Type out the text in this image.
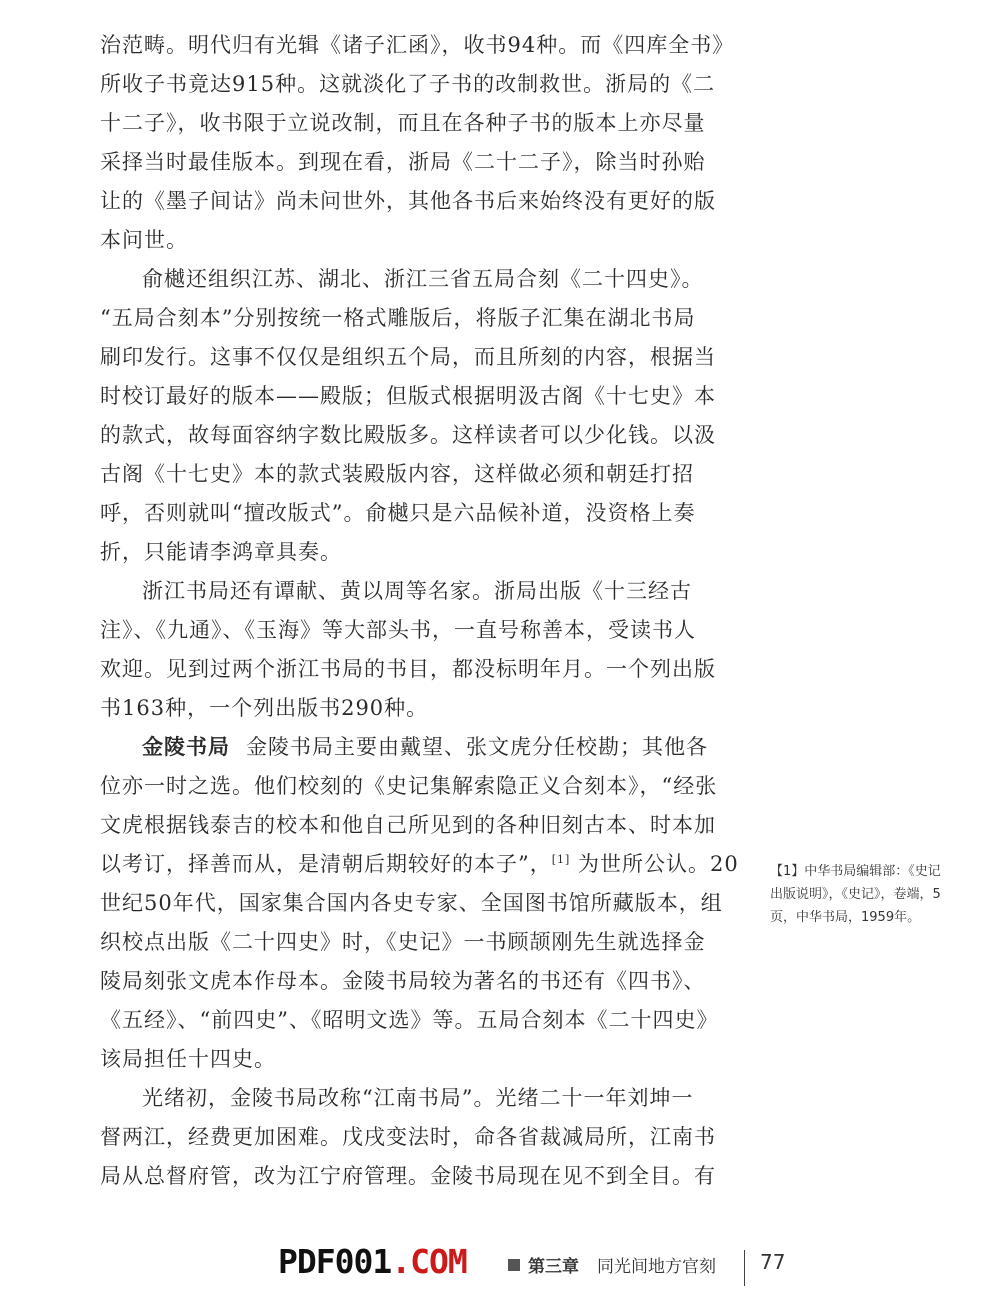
治范畴。明代归有光辑《诸子汇函》，收书94种。而《四库全书》
所收子书竟达915种。这就淡化了子书的改制救世。浙局的《二
十二子》，收书限于立说改制，而且在各种子书的版本上亦尽量
采择当时最佳版本。到现在看，浙局《二十二子》，除当时孙贻
让的《墨子间诂》尚未问世外，其他各书后来始终没有更好的版
本问世。
俞樾还组织江苏、湖北、浙江三省五局合刻《二十四史》。
“五局合刻本”分别按统一格式雕版后，将版子汇集在湖北书局
刷印发行。这事不仅仅是组织五个局，而且所刻的内容，根据当
时校订最好的版本——殿版；但版式根据明汲古阁《十七史》本
的款式，故每面容纳字数比殿版多。这样读者可以少化钱。以汲
古阁《十七史》本的款式装殿版内容，这样做必须和朝廷打招
呼，否则就叫“擅改版式”。俞樾只是六品候补道，没资格上奏
折，只能请李鸿章具奏。
浙江书局还有谭献、黄以周等名家。浙局出版《十三经古
注》、《九通》、《玉海》等大部头书，一直号称善本，受读书人
欢迎。见到过两个浙江书局的书目，都没标明年月。一个列出版
书163种，一个列出版书290种。
金陵书局 金陵书局主要由戴望、张文虎分任校勘；其他各
位亦一时之选。他们校刻的《史记集解索隐正义合刻本》，“经张
文虎根据钱泰吉的校本和他自己所见到的各种旧刻古本、时本加
以考订，择善而从，是清朝后期较好的本子”，[1] 为世所公认。20
世纪50年代，国家集合国内各史专家、全国图书馆所藏版本，组
织校点出版《二十四史》时，《史记》一书顾颉刚先生就选择金
陵局刻张文虎本作母本。金陵书局较为著名的书还有《四书》、
《五经》、“前四史”、《昭明文选》等。五局合刻本《二十四史》
该局担任十四史。
光绪初，金陵书局改称“江南书局”。光绪二十一年刘坤一
督两江，经费更加困难。戊戌变法时，命各省裁减局所，江南书
局从总督府管，改为江宁府管理。金陵书局现在见不到全目。有
【1】中华书局编辑部：《史记
出版说明》，《史记》，卷端，5
页，中华书局，1959年。
PDF001.COM	第三章 同光间地方官刻 77
